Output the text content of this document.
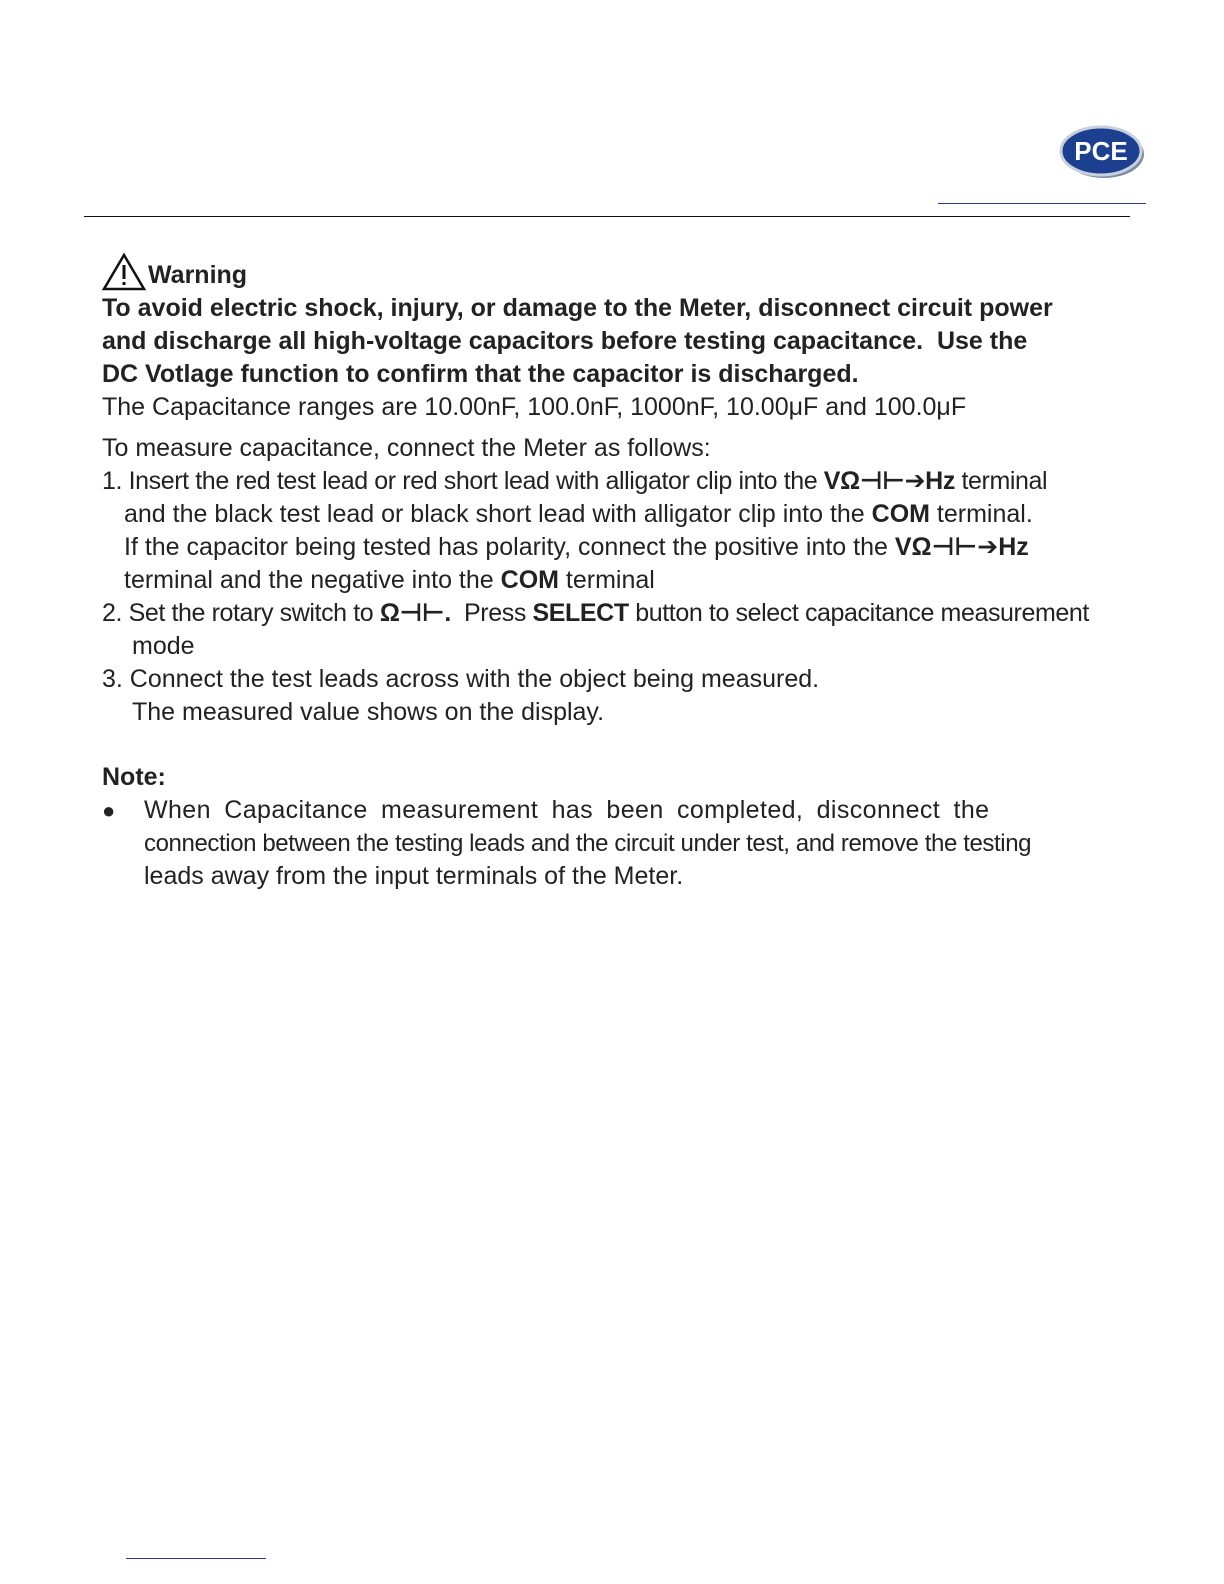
PCE
Warning
To avoid electric shock, injury, or damage to the Meter, disconnect circuit power
and discharge all high-voltage capacitors before testing capacitance.  Use the
DC Votlage function to confirm that the capacitor is discharged.
The Capacitance ranges are 10.00nF, 100.0nF, 1000nF, 10.00μF and 100.0μF
To measure capacitance, connect the Meter as follows:
1. Insert the red test lead or red short lead with alligator clip into the VΩ⊣⊢➔Hz terminal
and the black test lead or black short lead with alligator clip into the COM terminal.
If the capacitor being tested has polarity, connect the positive into the VΩ⊣⊢➔Hz
terminal and the negative into the COM terminal
2. Set the rotary switch to Ω⊣⊢.  Press SELECT button to select capacitance measurement
mode
3. Connect the test leads across with the object being measured.
The measured value shows on the display.
Note:
●	When Capacitance measurement has been completed, disconnect the
connection between the testing leads and the circuit under test, and remove the testing
leads away from the input terminals of the Meter.
